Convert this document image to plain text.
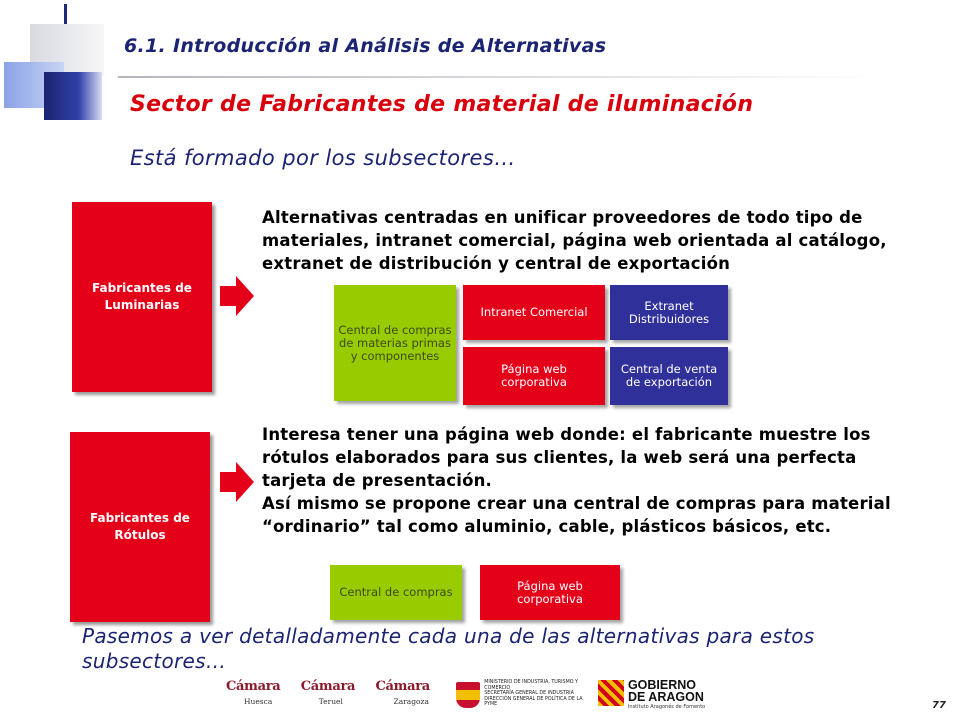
6.1. Introducción al Análisis de Alternativas
Sector de Fabricantes de material de iluminación
Está formado por los subsectores…
Fabricantes de
Luminarias
Alternativas centradas en unificar proveedores de todo tipo de materiales, intranet comercial, página web orientada al catálogo, extranet de distribución y central de exportación
Central de compras de materias primas y componentes
Intranet Comercial
Página web corporativa
Extranet Distribuidores
Central de venta de exportación
Fabricantes de
Rótulos
Interesa tener una página web donde: el fabricante muestre los rótulos elaborados para sus clientes, la web será una perfecta tarjeta de presentación.
Así mismo se propone crear una central de compras para material “ordinario” tal como aluminio, cable, plásticos básicos, etc.
Central de compras	Página web corporativa
Pasemos a ver detalladamente cada una de las alternativas para estos subsectores…
Cámara
Huesca
Cámara
Teruel
Cámara
Zaragoza
MINISTERIO DE INDUSTRIA, TURISMO Y COMERCIO
SECRETARÍA GENERAL DE INDUSTRIA
DIRECCIÓN GENERAL DE POLÍTICA DE LA PYME
GOBIERNO
DE ARAGON
Instituto Aragonés de Fomento	77
